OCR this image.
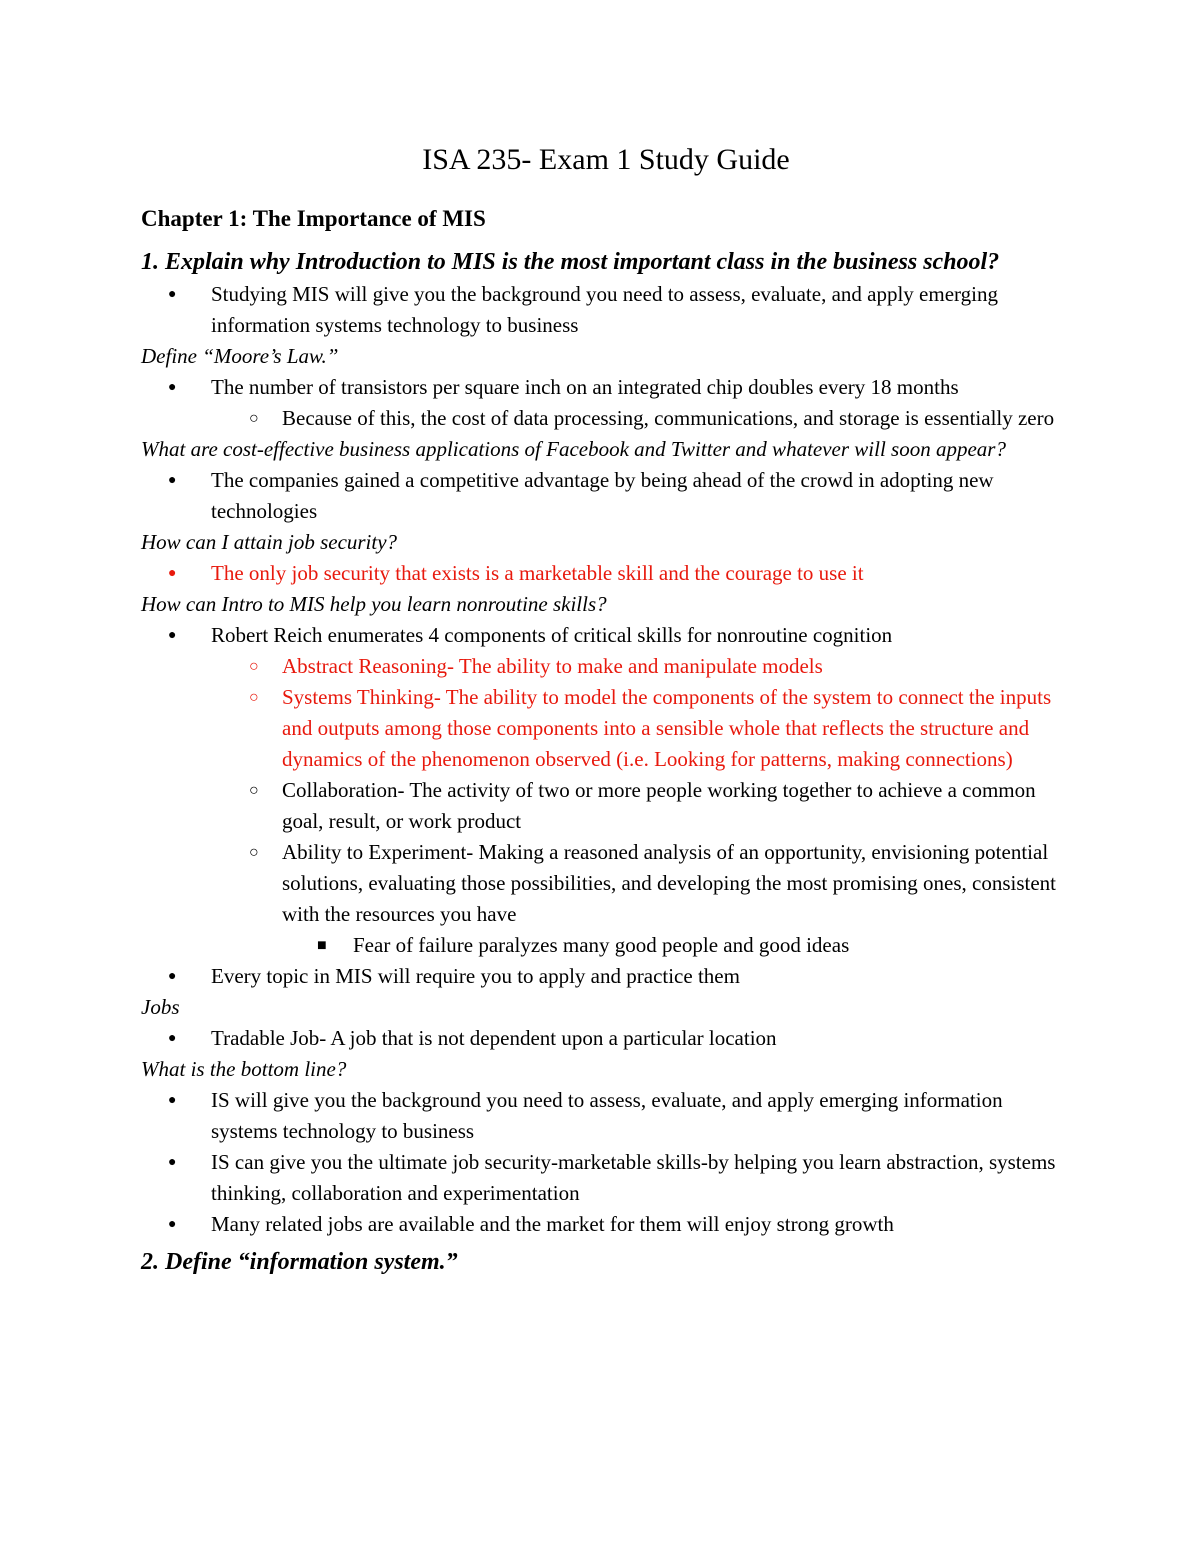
ISA 235- Exam 1 Study Guide
Chapter 1: The Importance of MIS
1. Explain why Introduction to MIS is the most important class in the business school?
● Studying MIS will give you the background you need to assess, evaluate, and apply emerging information systems technology to business
Define “Moore’s Law.”
● The number of transistors per square inch on an integrated chip doubles every 18 months
○ Because of this, the cost of data processing, communications, and storage is essentially zero
What are cost-effective business applications of Facebook and Twitter and whatever will soon appear?
● The companies gained a competitive advantage by being ahead of the crowd in adopting new technologies
How can I attain job security?
● The only job security that exists is a marketable skill and the courage to use it
How can Intro to MIS help you learn nonroutine skills?
● Robert Reich enumerates 4 components of critical skills for nonroutine cognition
○ Abstract Reasoning- The ability to make and manipulate models
○ Systems Thinking- The ability to model the components of the system to connect the inputs and outputs among those components into a sensible whole that reflects the structure and dynamics of the phenomenon observed (i.e. Looking for patterns, making connections)
○ Collaboration- The activity of two or more people working together to achieve a common goal, result, or work product
○ Ability to Experiment- Making a reasoned analysis of an opportunity, envisioning potential solutions, evaluating those possibilities, and developing the most promising ones, consistent with the resources you have
■ Fear of failure paralyzes many good people and good ideas
● Every topic in MIS will require you to apply and practice them
Jobs
● Tradable Job- A job that is not dependent upon a particular location
What is the bottom line?
● IS will give you the background you need to assess, evaluate, and apply emerging information systems technology to business
● IS can give you the ultimate job security-marketable skills-by helping you learn abstraction, systems thinking, collaboration and experimentation
● Many related jobs are available and the market for them will enjoy strong growth
2. Define “information system.”
